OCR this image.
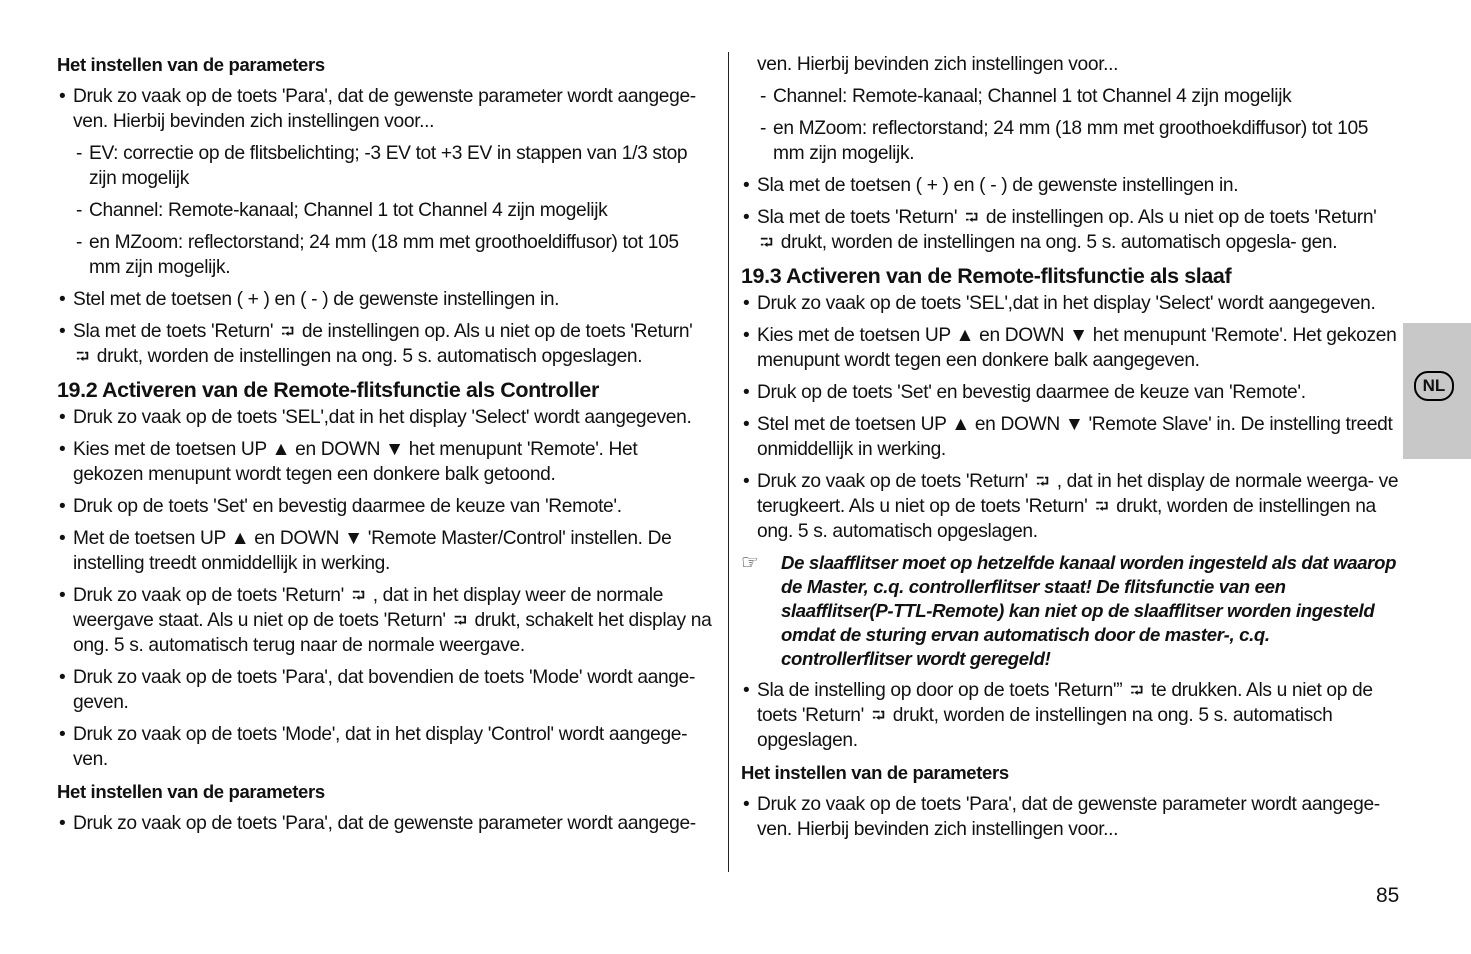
Het instellen van de parameters
• Druk zo vaak op de toets 'Para', dat de gewenste parameter wordt aangege- ven. Hierbij bevinden zich instellingen voor...
- EV: correctie op de flitsbelichting; -3 EV tot +3 EV in stappen van 1/3 stop zijn mogelijk
- Channel: Remote-kanaal; Channel 1 tot Channel 4 zijn mogelijk
- en MZoom: reflectorstand; 24 mm (18 mm met groothoeldiffusor) tot 105 mm zijn mogelijk.
• Stel met de toetsen ( + ) en ( - ) de gewenste instellingen in.
• Sla met de toets 'Return' ⮒ de instellingen op. Als u niet op de toets 'Return' ⮒ drukt, worden de instellingen na ong. 5 s. automatisch opgeslagen.
19.2 Activeren van de Remote-flitsfunctie als Controller
• Druk zo vaak op de toets 'SEL',dat in het display 'Select' wordt aangegeven.
• Kies met de toetsen UP ▲ en DOWN ▼ het menupunt 'Remote'. Het gekozen menupunt wordt tegen een donkere balk getoond.
• Druk op de toets 'Set' en bevestig daarmee de keuze van 'Remote'.
• Met de toetsen UP ▲ en DOWN ▼ 'Remote Master/Control' instellen. De instelling treedt onmiddellijk in werking.
• Druk zo vaak op de toets 'Return' ⮒ , dat in het display weer de normale weergave staat. Als u niet op de toets 'Return' ⮒ drukt, schakelt het display na ong. 5 s. automatisch terug naar de normale weergave.
• Druk zo vaak op de toets 'Para', dat bovendien de toets 'Mode' wordt aange- geven.
• Druk zo vaak op de toets 'Mode', dat in het display 'Control' wordt aangege- ven.
Het instellen van de parameters
• Druk zo vaak op de toets 'Para', dat de gewenste parameter wordt aangege-
ven. Hierbij bevinden zich instellingen voor...
- Channel: Remote-kanaal; Channel 1 tot Channel 4 zijn mogelijk
- en MZoom: reflectorstand; 24 mm (18 mm met groothoekdiffusor) tot 105 mm zijn mogelijk.
• Sla met de toetsen ( + ) en ( - ) de gewenste instellingen in.
• Sla met de toets 'Return' ⮒ de instellingen op. Als u niet op de toets 'Return' ⮒ drukt, worden de instellingen na ong. 5 s. automatisch opgesla- gen.
19.3 Activeren van de Remote-flitsfunctie als slaaf
• Druk zo vaak op de toets 'SEL',dat in het display 'Select' wordt aangegeven.
• Kies met de toetsen UP ▲ en DOWN ▼ het menupunt 'Remote'. Het gekozen menupunt wordt tegen een donkere balk aangegeven.
• Druk op de toets 'Set' en bevestig daarmee de keuze van 'Remote'.
• Stel met de toetsen UP ▲ en DOWN ▼ 'Remote Slave' in. De instelling treedt onmiddellijk in werking.
• Druk zo vaak op de toets 'Return' ⮒ , dat in het display de normale weerga- ve terugkeert. Als u niet op de toets 'Return' ⮒ drukt, worden de instellingen na ong. 5 s. automatisch opgeslagen.
☞ De slaafflitser moet op hetzelfde kanaal worden ingesteld als dat waarop de Master, c.q. controllerflitser staat! De flitsfunctie van een slaafflitser(P-TTL-Remote) kan niet op de slaafflitser worden ingesteld omdat de sturing ervan automatisch door de master-, c.q. controllerflitser wordt geregeld!
• Sla de instelling op door op de toets 'Return'” ⮒ te drukken. Als u niet op de toets 'Return' ⮒ drukt, worden de instellingen na ong. 5 s. automatisch opgeslagen.
Het instellen van de parameters
• Druk zo vaak op de toets 'Para', dat de gewenste parameter wordt aangege- ven. Hierbij bevinden zich instellingen voor...
NL
85
